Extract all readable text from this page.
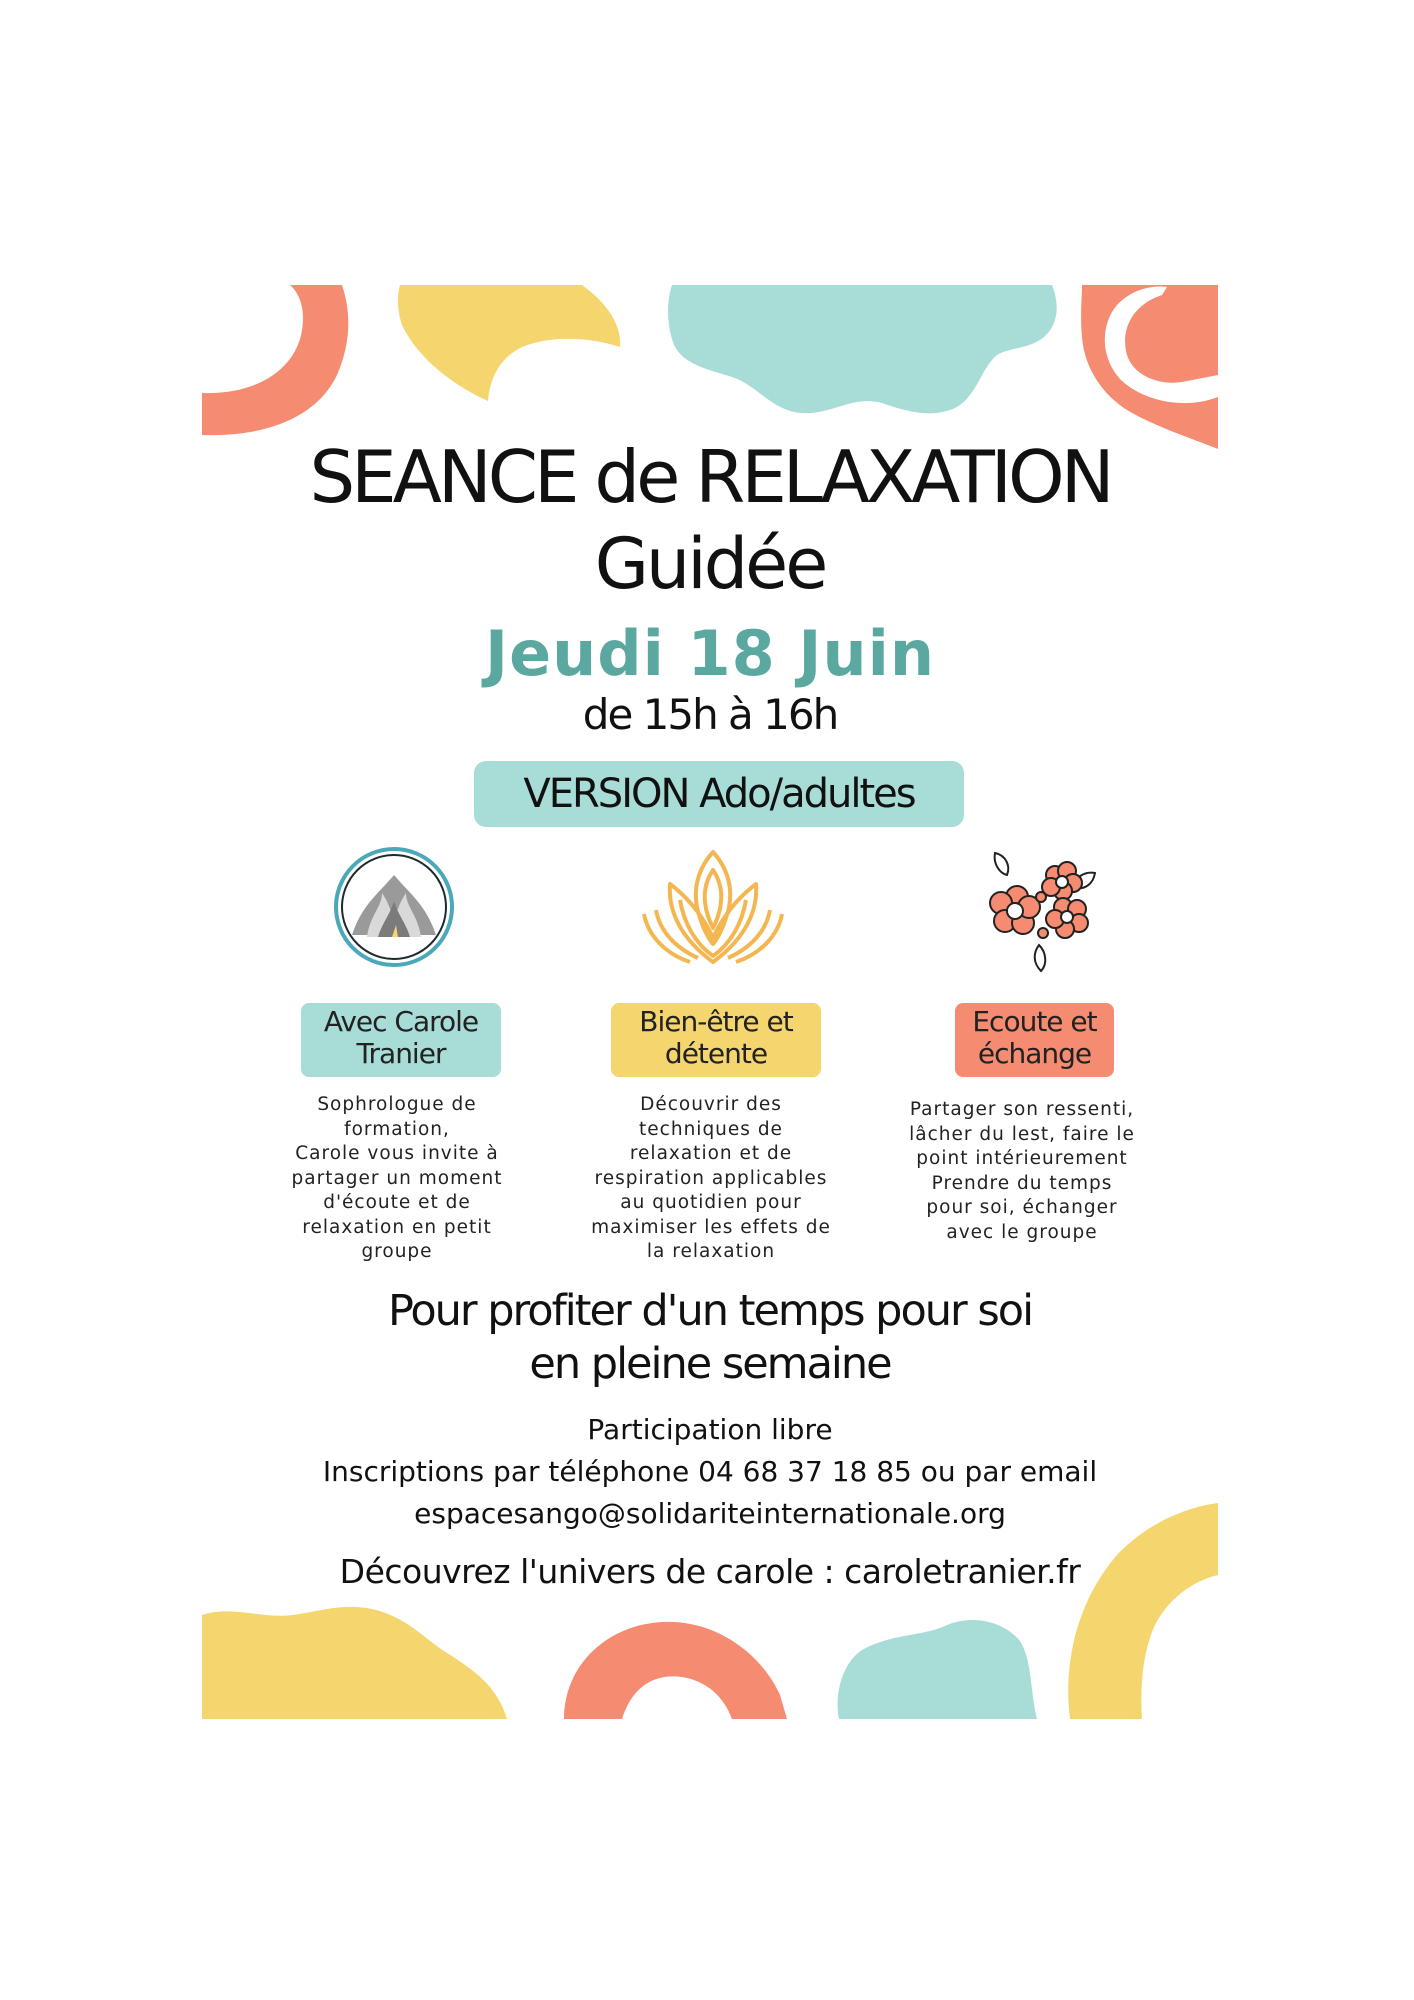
SEANCE de RELAXATION
Guidée
Jeudi 18 Juin
de 15h à 16h
VERSION Ado/adultes
Avec Carole
Tranier
Bien-être et
détente
Ecoute et
échange
Sophrologue de
formation,
Carole vous invite à
partager un moment
d'écoute et de
relaxation en petit
groupe
Découvrir des
techniques de
relaxation et de
respiration applicables
au quotidien pour
maximiser les effets de
la relaxation
Partager son ressenti,
lâcher du lest, faire le
point intérieurement
Prendre du temps
pour soi, échanger
avec le groupe
Pour profiter d'un temps pour soi
en pleine semaine
Participation libre
Inscriptions par téléphone 04 68 37 18 85 ou par email
espacesango@solidariteinternationale.org
Découvrez l'univers de carole : caroletranier.fr
